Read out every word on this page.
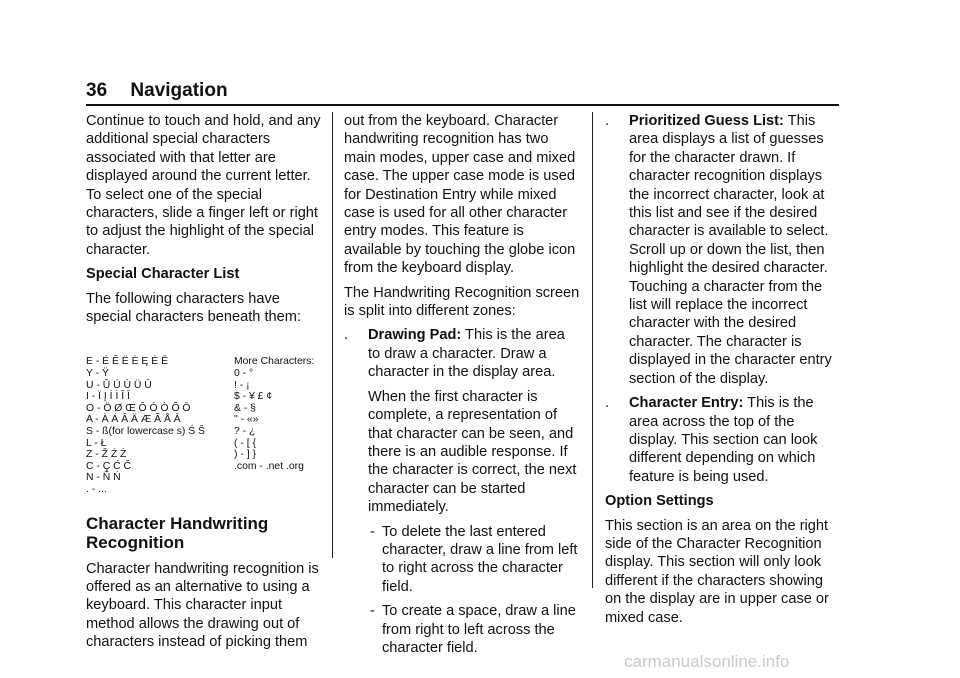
36 Navigation

Continue to touch and hold, and any additional special characters associated with that letter are displayed around the current letter. To select one of the special characters, slide a finger left or right to adjust the highlight of the special character.

Special Character List

The following characters have special characters beneath them:

E - É Ê Ë È Ę Ė Ē
Y - Ÿ
U - Û Ú Ù Ü Ū
I - Ï Į Í Ì Î Ī
O - Ö Ø Œ Ô Ó Ò Õ Ō
A - À Á Â Ä Æ Ã Å Ā
S - ß(for lowercase s) Ś Š
L - Ł
Z - Ž Ź Ż
C - Ç Ć Č
N - Ñ Ń
. - ...
More Characters:
0 - °
! - ¡
$ - ¥ £ ¢
& - §
" - «»
? - ¿
( - [ {
) - ] }
.com - .net .org

Character Handwriting Recognition

Character handwriting recognition is offered as an alternative to using a keyboard. This character input method allows the drawing out of characters instead of picking them

out from the keyboard. Character handwriting recognition has two main modes, upper case and mixed case. The upper case mode is used for Destination Entry while mixed case is used for all other character entry modes. This feature is available by touching the globe icon from the keyboard display.

The Handwriting Recognition screen is split into different zones:

. Drawing Pad: This is the area to draw a character. Draw a character in the display area.

When the first character is complete, a representation of that character can be seen, and there is an audible response. If the character is correct, the next character can be started immediately.

- To delete the last entered character, draw a line from left to right across the character field.
- To create a space, draw a line from right to left across the character field.
. Prioritized Guess List: This area displays a list of guesses for the character drawn. If character recognition displays the incorrect character, look at this list and see if the desired character is available to select. Scroll up or down the list, then highlight the desired character. Touching a character from the list will replace the incorrect character with the desired character. The character is displayed in the character entry section of the display.
. Character Entry: This is the area across the top of the display. This section can look different depending on which feature is being used.

Option Settings

This section is an area on the right side of the Character Recognition display. This section will only look different if the characters showing on the display are in upper case or mixed case.

carmanualsonline.info
